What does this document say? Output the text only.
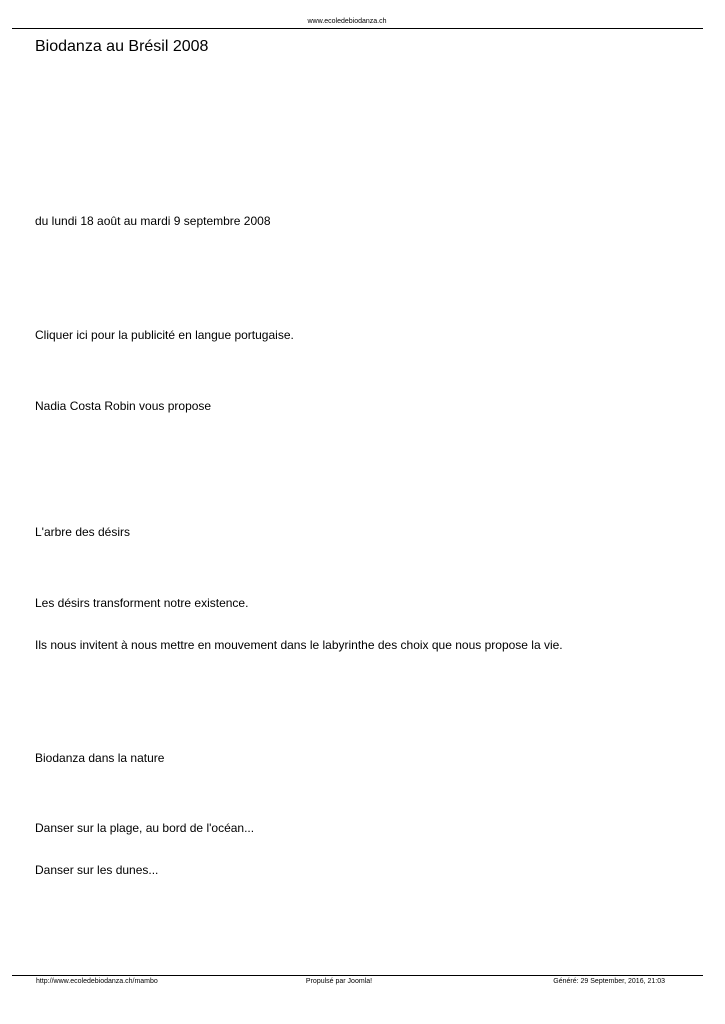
www.ecoledebiodanza.ch
Biodanza au Brésil 2008
du lundi 18 août au mardi 9 septembre 2008
Cliquer ici pour la publicité en langue portugaise.
Nadia Costa Robin vous propose
L'arbre des désirs
Les désirs transforment notre existence.
Ils nous invitent à nous mettre en mouvement dans le labyrinthe des choix que nous propose la vie.
Biodanza dans la nature
Danser sur la plage, au bord de l'océan...
Danser sur les dunes...
http://www.ecoledebiodanza.ch/mambo	Propulsé par Joomla!	Généré: 29 September, 2016, 21:03
